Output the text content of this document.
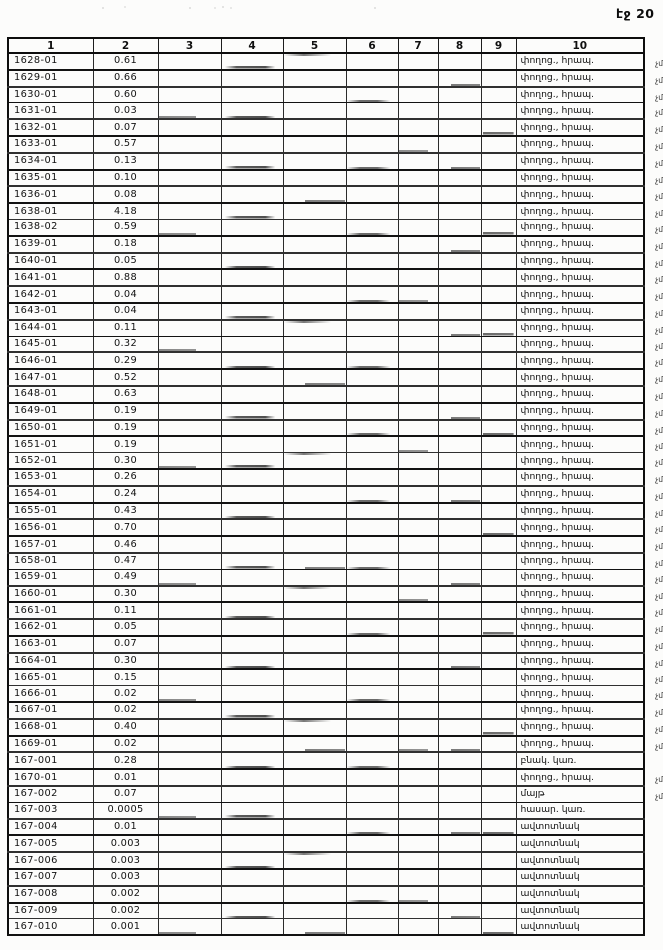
էջ 20
1	2	3	4	5	6	7	8	9	10
1628-01	0.61								փողոց., հրապ. չմ

1629-01	0.66								փողոց., հրապ. չմ

1630-01	0.60								փողոց., հրապ. չմ

1631-01	0.03								փողոց., հրապ. չմ

1632-01	0.07								փողոց., հրապ. չմ

1633-01	0.57								փողոց., հրապ. չմ

1634-01	0.13								փողոց., հրապ. չմ

1635-01	0.10								փողոց., հրապ. չմ

1636-01	0.08								փողոց., հրապ. չմ

1638-01	4.18								փողոց., հրապ. չմ

1638-02	0.59								փողոց., հրապ. չմ

1639-01	0.18								փողոց., հրապ. չմ

1640-01	0.05								փողոց., հրապ. չմ

1641-01	0.88								փողոց., հրապ. չմ

1642-01	0.04								փողոց., հրապ. չմ

1643-01	0.04								փողոց., հրապ. չմ

1644-01	0.11								փողոց., հրապ. չմ

1645-01	0.32								փողոց., հրապ. չմ

1646-01	0.29								փողոց., հրապ. չմ

1647-01	0.52								փողոց., հրապ. չմ

1648-01	0.63								փողոց., հրապ. չմ

1649-01	0.19								փողոց., հրապ. չմ

1650-01	0.19								փողոց., հրապ. չմ

1651-01	0.19								փողոց., հրապ. չմ

1652-01	0.30								փողոց., հրապ. չմ

1653-01	0.26								փողոց., հրապ. չմ

1654-01	0.24								փողոց., հրապ. չմ

1655-01	0.43								փողոց., հրապ. չմ

1656-01	0.70								փողոց., հրապ. չմ

1657-01	0.46								փողոց., հրապ. չմ

1658-01	0.47								փողոց., հրապ. չմ

1659-01	0.49								փողոց., հրապ. չմ

1660-01	0.30								փողոց., հրապ. չմ

1661-01	0.11								փողոց., հրապ. չմ

1662-01	0.05								փողոց., հրապ. չմ

1663-01	0.07								փողոց., հրապ. չմ

1664-01	0.30								փողոց., հրապ. չմ

1665-01	0.15								փողոց., հրապ. չմ

1666-01	0.02								փողոց., հրապ. չմ

1667-01	0.02								փողոց., հրապ. չմ

1668-01	0.40								փողոց., հրապ. չմ

1669-01	0.02								փողոց., հրապ. չմ

167-001	0.28								բնակ. կառ.
1670-01	0.01								փողոց., հրապ. չմ

167-002	0.07								մայթ չմ

167-003	0.0005								հասար. կառ.
167-004	0.01								ավտոտնակ
167-005	0.003								ավտոտնակ
167-006	0.003								ավտոտնակ
167-007	0.003								ավտոտնակ
167-008	0.002								ավտոտնակ
167-009	0.002								ավտոտնակ
167-010	0.001								ավտոտնակ
